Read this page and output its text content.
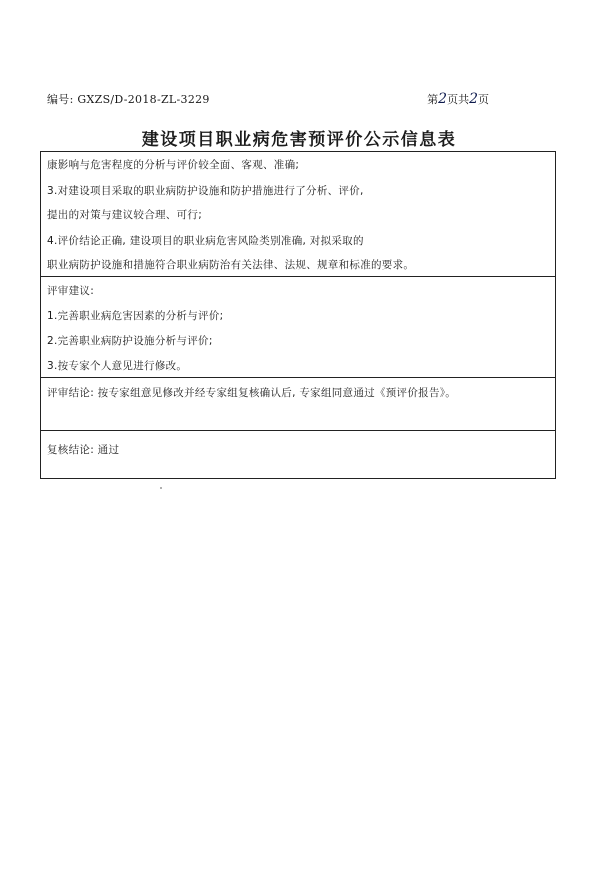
编号: GXZS/D-2018-ZL-3229	第2页共2页
建设项目职业病危害预评价公示信息表
康影响与危害程度的分析与评价较全面、客观、准确;
3.对建设项目采取的职业病防护设施和防护措施进行了分析、评价,
提出的对策与建议较合理、可行;
4.评价结论正确, 建设项目的职业病危害风险类别准确, 对拟采取的
职业病防护设施和措施符合职业病防治有关法律、法规、规章和标准的要求。
评审建议:
1.完善职业病危害因素的分析与评价;
2.完善职业病防护设施分析与评价;
3.按专家个人意见进行修改。
评审结论: 按专家组意见修改并经专家组复核确认后, 专家组同意通过《预评价报告》。
复核结论: 通过
